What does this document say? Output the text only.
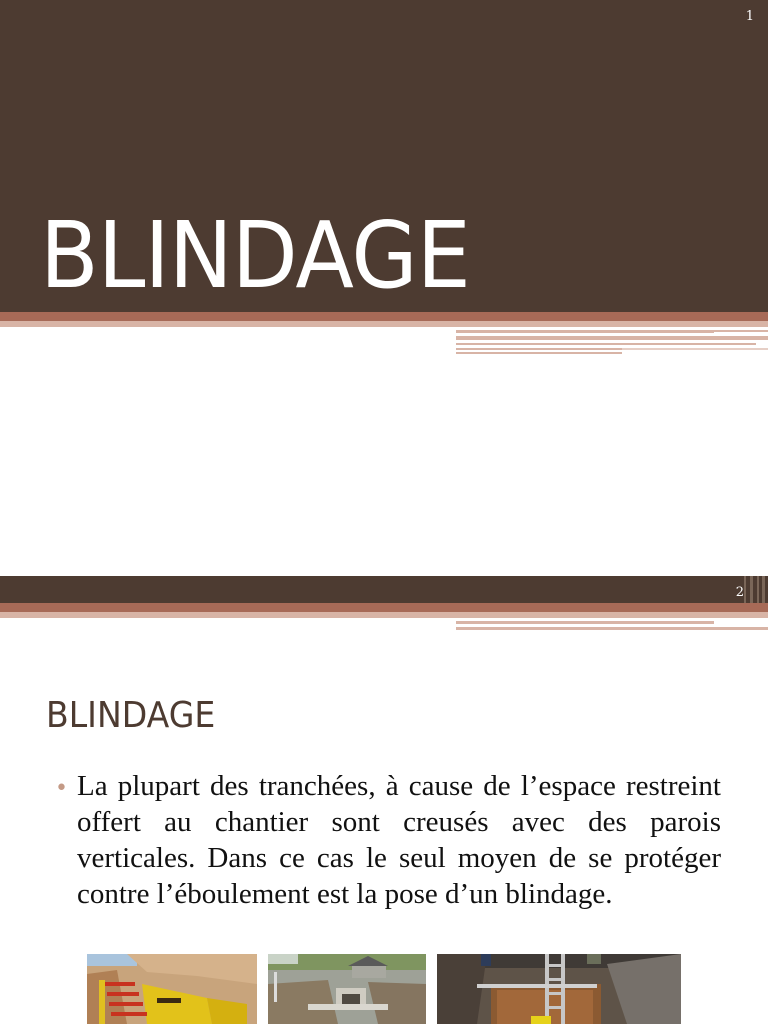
BLINDAGE
1
2
BLINDAGE
• La plupart des tranchées, à cause de l’espace restreint offert au chantier sont creusés avec des parois verticales. Dans ce cas le seul moyen de se protéger contre l’éboulement est la pose d’un blindage.
